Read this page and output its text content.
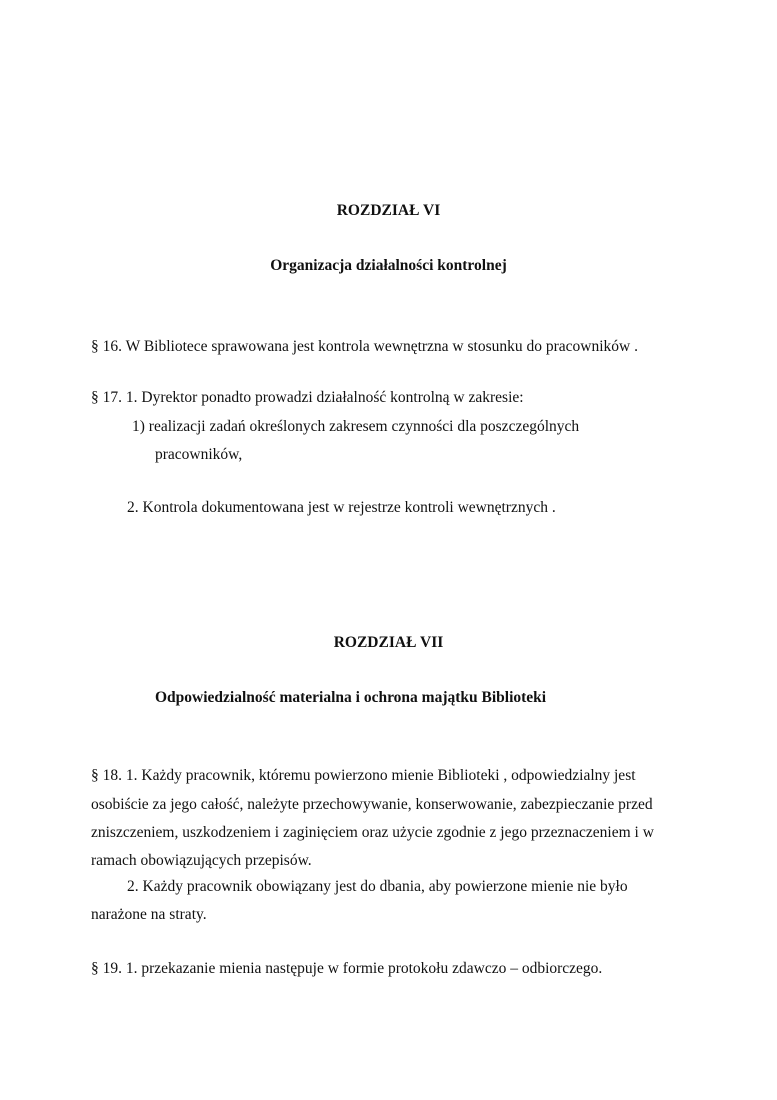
ROZDZIAŁ VI
Organizacja działalności kontrolnej
§ 16. W Bibliotece sprawowana jest kontrola wewnętrzna w stosunku do pracowników .
§ 17. 1. Dyrektor ponadto prowadzi działalność kontrolną w zakresie:
1) realizacji zadań określonych zakresem czynności dla poszczególnych
pracowników,
2. Kontrola dokumentowana jest w rejestrze kontroli wewnętrznych .
ROZDZIAŁ VII
Odpowiedzialność materialna i ochrona majątku Biblioteki
§ 18. 1. Każdy pracownik, któremu powierzono mienie Biblioteki , odpowiedzialny jest
osobiście za jego całość, należyte przechowywanie, konserwowanie, zabezpieczanie przed
zniszczeniem, uszkodzeniem i zaginięciem oraz użycie zgodnie z jego przeznaczeniem i w
ramach obowiązujących przepisów.
2. Każdy pracownik obowiązany jest do dbania, aby powierzone mienie nie było
narażone na straty.
§ 19. 1. przekazanie mienia następuje w formie protokołu zdawczo – odbiorczego.
